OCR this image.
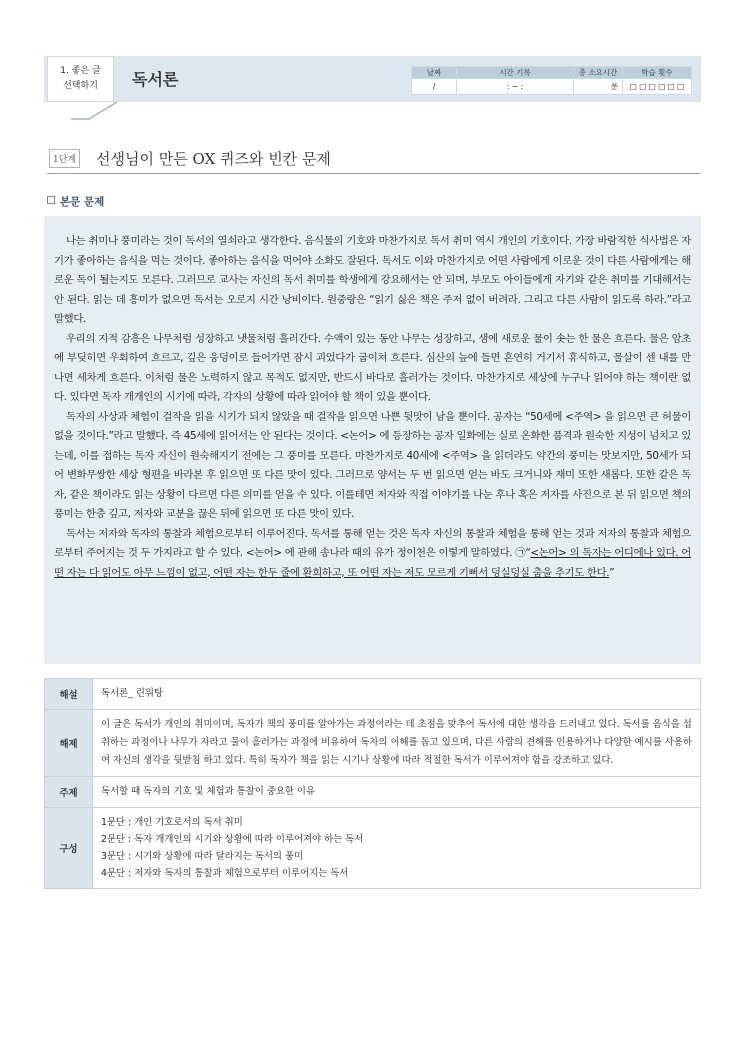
1. 좋은 글
선택하기	독서론	날짜	시간 기록	총 소요시간	학습 횟수
/	: ~ :	분	□ □ □ □ □ □
1단계 선생님이 만든 OX 퀴즈와 빈칸 문제
본문 문제

나는 취미나 풍미라는 것이 독서의 열쇠라고 생각한다. 음식물의 기호와 마찬가지로 독서 취미 역시 개인의 기호이다. 가장 바람직한 식사법은 자기가 좋아하는 음식을 먹는 것이다. 좋아하는 음식을 먹어야 소화도 잘된다. 독서도 이와 마찬가지로 어떤 사람에게 이로운 것이 다른 사람에게는 해로운 독이 될는지도 모른다. 그러므로 교사는 자신의 독서 취미를 학생에게 강요해서는 안 되며, 부모도 아이들에게 자기와 같은 취미를 기대해서는 안 된다. 읽는 데 흥미가 없으면 독서는 오로지 시간 낭비이다. 원중랑은 “읽기 싫은 책은 주저 없이 버려라. 그리고 다른 사람이 읽도록 하라.”라고 말했다.

우리의 지적 감흥은 나무처럼 성장하고 냇물처럼 흘러간다. 수액이 있는 동안 나무는 성장하고, 샘에 새로운 물이 솟는 한 물은 흐른다. 물은 암초에 부딪히면 우회하여 흐르고, 깊은 웅덩이로 들어가면 잠시 괴었다가 굽이쳐 흐른다. 심산의 늪에 들면 흔연히 거기서 휴식하고, 물살이 센 내를 만나면 세차게 흐른다. 이처럼 물은 노력하지 않고 목적도 없지만, 반드시 바다로 흘러가는 것이다. 마찬가지로 세상에 누구나 읽어야 하는 책이란 없다. 있다면 독자 개개인의 시기에 따라, 각자의 상황에 따라 읽어야 할 책이 있을 뿐이다.

독자의 사상과 체험이 걸작을 읽을 시기가 되지 않았을 때 걸작을 읽으면 나쁜 뒷맛이 남을 뿐이다. 공자는 “50세에 <주역> 을 읽으면 큰 허물이 없을 것이다.”라고 말했다. 즉 45세에 읽어서는 안 된다는 것이다. <논어> 에 등장하는 공자 일화에는 실로 온화한 품격과 원숙한 지성이 넘치고 있는데, 이를 접하는 독자 자신이 원숙해지기 전에는 그 풍미를 모른다. 마찬가지로 40세에 <주역> 을 읽더라도 약간의 풍미는 맛보지만, 50세가 되어 변화무쌍한 세상 형편을 바라본 후 읽으면 또 다른 맛이 있다. 그러므로 양서는 두 번 읽으면 얻는 바도 크거니와 재미 또한 새롭다. 또한 같은 독자, 같은 책이라도 읽는 상황이 다르면 다른 의미를 얻을 수 있다. 이를테면 저자와 직접 이야기를 나눈 후나 혹은 저자를 사진으로 본 뒤 읽으면 책의 풍미는 한층 깊고, 저자와 교분을 끊은 뒤에 읽으면 또 다른 맛이 있다.

독서는 저자와 독자의 통찰과 체험으로부터 이루어진다. 독서를 통해 얻는 것은 독자 자신의 통찰과 체험을 통해 얻는 것과 저자의 통찰과 체험으로부터 주어지는 것 두 가지라고 할 수 있다. <논어> 에 관해 송나라 때의 유가 정이천은 이렇게 말하였다. ㉠“<논어> 의 독자는 어디에나 있다. 어떤 자는 다 읽어도 아무 느낌이 없고, 어떤 자는 한두 줄에 환희하고, 또 어떤 자는 저도 모르게 기뻐서 덩실덩실 춤을 추기도 한다.”

해설	독서론_ 린위탕
해제	이 글은 독서가 개인의 취미이며, 독자가 책의 풍미를 알아가는 과정이라는 데 초점을 맞추어 독서에 대한 생각을 드러내고 있다. 독서를 음식을 섭취하는 과정이나 나무가 자라고 물이 흘러가는 과정에 비유하여 독자의 이해를 돕고 있으며, 다른 사람의 견해를 인용하거나 다양한 예시를 사용하여 자신의 생각을 뒷받침 하고 있다. 특히 독자가 책을 읽는 시기나 상황에 따라 적절한 독서가 이루어져야 함을 강조하고 있다.
주제	독서할 때 독자의 기호 및 체험과 통찰이 중요한 이유
구성	1문단 : 개인 기호로서의 독서 취미
2문단 : 독자 개개인의 시기와 상황에 따라 이루어져야 하는 독서
3문단 : 시기와 상황에 따라 달라지는 독서의 풍미
4문단 : 저자와 독자의 통찰과 체험으로부터 이루어지는 독서
